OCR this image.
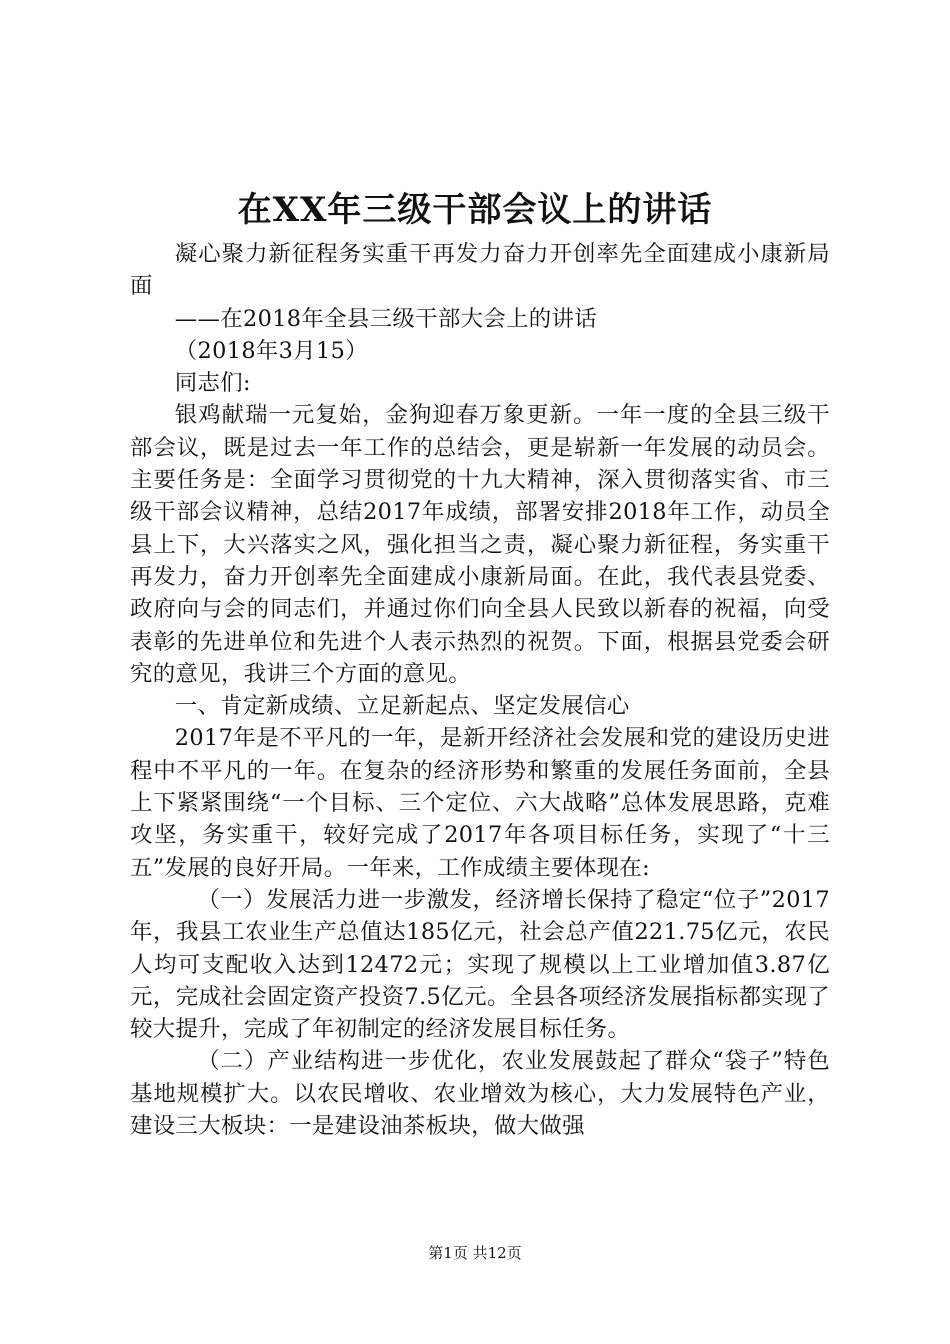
在XX年三级干部会议上的讲话

凝心聚力新征程务实重干再发力奋力开创率先全面建成小康新局面

——在2018年全县三级干部大会上的讲话

（2018年3月15）

同志们:

银鸡献瑞一元复始，金狗迎春万象更新。一年一度的全县三级干部会议，既是过去一年工作的总结会，更是崭新一年发展的动员会。主要任务是：全面学习贯彻党的十九大精神，深入贯彻落实省、市三级干部会议精神，总结2017年成绩，部署安排2018年工作，动员全县上下，大兴落实之风，强化担当之责，凝心聚力新征程，务实重干再发力，奋力开创率先全面建成小康新局面。在此，我代表县党委、政府向与会的同志们，并通过你们向全县人民致以新春的祝福，向受表彰的先进单位和先进个人表示热烈的祝贺。下面，根据县党委会研究的意见，我讲三个方面的意见。

一、肯定新成绩、立足新起点、坚定发展信心

2017年是不平凡的一年，是新开经济社会发展和党的建设历史进程中不平凡的一年。在复杂的经济形势和繁重的发展任务面前，全县上下紧紧围绕“一个目标、三个定位、六大战略”总体发展思路，克难攻坚，务实重干，较好完成了2017年各项目标任务，实现了“十三五”发展的良好开局。一年来，工作成绩主要体现在:

（一）发展活力进一步激发，经济增长保持了稳定“位子”2017年，我县工农业生产总值达185亿元，社会总产值221.75亿元，农民人均可支配收入达到12472元；实现了规模以上工业增加值3.87亿元，完成社会固定资产投资7.5亿元。全县各项经济发展指标都实现了较大提升，完成了年初制定的经济发展目标任务。

（二）产业结构进一步优化，农业发展鼓起了群众“袋子”特色基地规模扩大。以农民增收、农业增效为核心，大力发展特色产业，建设三大板块：一是建设油茶板块，做大做强

第1页 共12页
